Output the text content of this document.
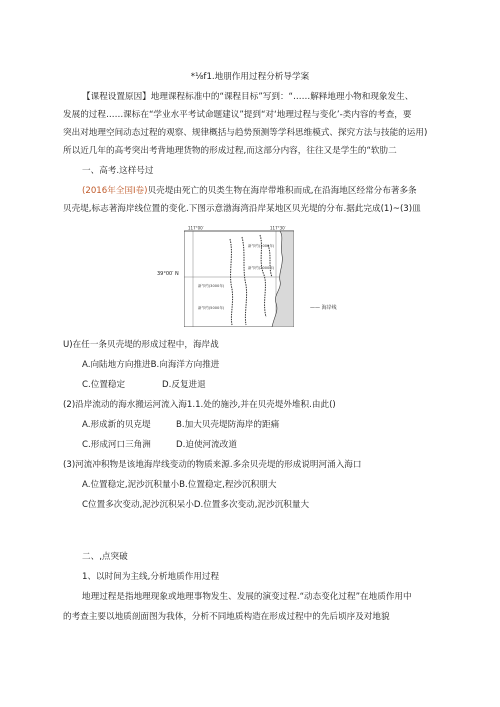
*⅛f1.地朋作用过程分析导学案
【课程设置原因】地理课程标准中的“课程目标”写到：“……解释地理小物和现象发生、
发展的过程……课标在“学业水平考试命题建议”提到“对‘地理过程与变化’-类内容的考查，要
突出对地理空间动态过程的观察、规律概括与趋势预测等学科思维模式、探究方法与技能的运用)
所以近几年的高考突出考背地理货物的形成过程,而这部分内容，往往又是学生的“软肋二
一、高考.这样号过
(2016年全国I卷)贝壳堤由死亡的贝类生物在海岸带堆积而成,在沿海地区经常分布著多条
贝壳堤,标志著海岸线位置的变化.下图示意渤海湾沿岸某地区贝光堤的分布.据此完成(1)~(3)皿
新节约(1000年)
新节约(2000年)
新节约(3000年)
新节约(5000年)
117°00′	117°30′
39°00′ N
—— 海岸线
U)在任一条贝壳堤的形成过程中，海岸战
A.向陆地方向推进B.向海洋方向推进
C.位置稳定	D.反复进退
(2)沿岸流动的海水搬运河流入海1.1.处的施沙,并在贝壳堤外堆积.由此()
A.形成新的贝克堤	B.加大贝壳堤防海岸的距痛
C.形成河口三角洲	D.迫使河流改道
(3)河流冲积物是该地海岸线变动的物质来源.多余贝壳堤的形成说明河涌入海口
A.位置稳定,泥沙沉积量小B.位置稳定,程沙沉积朋大
C位置多次变动,泥沙沉积呆小D.位置多次变动,泥沙沉积量大
二、,点突破
1、以时间为主线,分析地质作用过程
地理过程是指地理现象或地理事物发生、发展的演变过程.“动态变化过程”在地质作用中
的考查主要以地质剖面图为我体，分析不同地质构造在形成过程中的先后顷序及对地貌
